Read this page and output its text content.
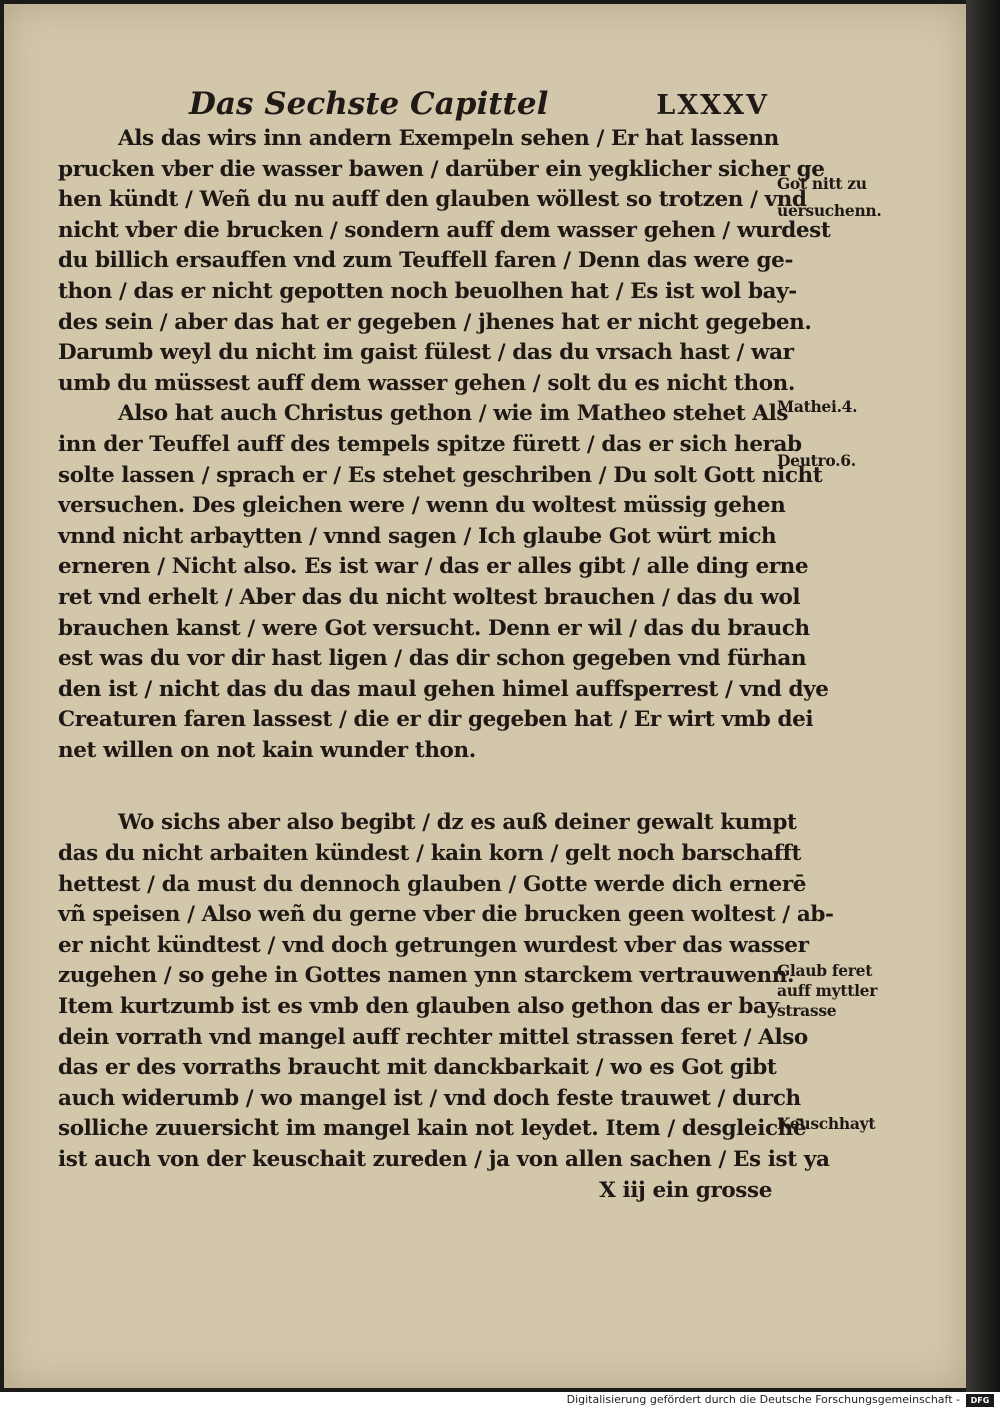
Das Sechste Capittel	LXXXV
Als das wirs inn andern Exempeln sehen / Er hat lassenn
prucken vber die wasser bawen / darüber ein yegklicher sicher ge
hen kündt / Weñ du nu auff den glauben wöllest so trotzen / vnd
nicht vber die brucken / sondern auff dem wasser gehen / wurdest
du billich ersauffen vnd zum Teuffell faren / Denn das were ge-
thon / das er nicht gepotten noch beuolhen hat / Es ist wol bay-
des sein / aber das hat er gegeben / jhenes hat er nicht gegeben.
Darumb weyl du nicht im gaist fülest / das du vrsach hast / war
umb du müssest auff dem wasser gehen / solt du es nicht thon.
Also hat auch Christus gethon / wie im Matheo stehet Als
inn der Teuffel auff des tempels spitze fürett / das er sich herab
solte lassen / sprach er / Es stehet geschriben / Du solt Gott nicht
versuchen. Des gleichen were / wenn du woltest müssig gehen
vnnd nicht arbaytten / vnnd sagen / Ich glaube Got würt mich
erneren / Nicht also. Es ist war / das er alles gibt / alle ding erne
ret vnd erhelt / Aber das du nicht woltest brauchen / das du wol
brauchen kanst / were Got versucht. Denn er wil / das du brauch
est was du vor dir hast ligen / das dir schon gegeben vnd fürhan
den ist / nicht das du das maul gehen himel auffsperrest / vnd dye
Creaturen faren lassest / die er dir gegeben hat / Er wirt vmb dei
net willen on not kain wunder thon.
Wo sichs aber also begibt / dz es auß deiner gewalt kumpt
das du nicht arbaiten kündest / kain korn / gelt noch barschafft
hettest / da must du dennoch glauben / Gotte werde dich ernerē
vñ speisen / Also weñ du gerne vber die brucken geen woltest / ab-
er nicht kündtest / vnd doch getrungen wurdest vber das wasser
zugehen / so gehe in Gottes namen ynn starckem vertrauwenn.
Item kurtzumb ist es vmb den glauben also gethon das er bay
dein vorrath vnd mangel auff rechter mittel strassen feret / Also
das er des vorraths braucht mit danckbarkait / wo es Got gibt
auch widerumb / wo mangel ist / vnd doch feste trauwet / durch
solliche zuuersicht im mangel kain not leydet. Item / desgleichē
ist auch von der keuschait zureden / ja von allen sachen / Es ist ya
X iij ein grosse
Got nitt zu
uersuchenn.
Mathei.4.
Deutro.6.
Glaub feret
auff myttler
strasse
Keuschhayt
Digitalisierung gefördert durch die Deutsche Forschungsgemeinschaft -	DFG
